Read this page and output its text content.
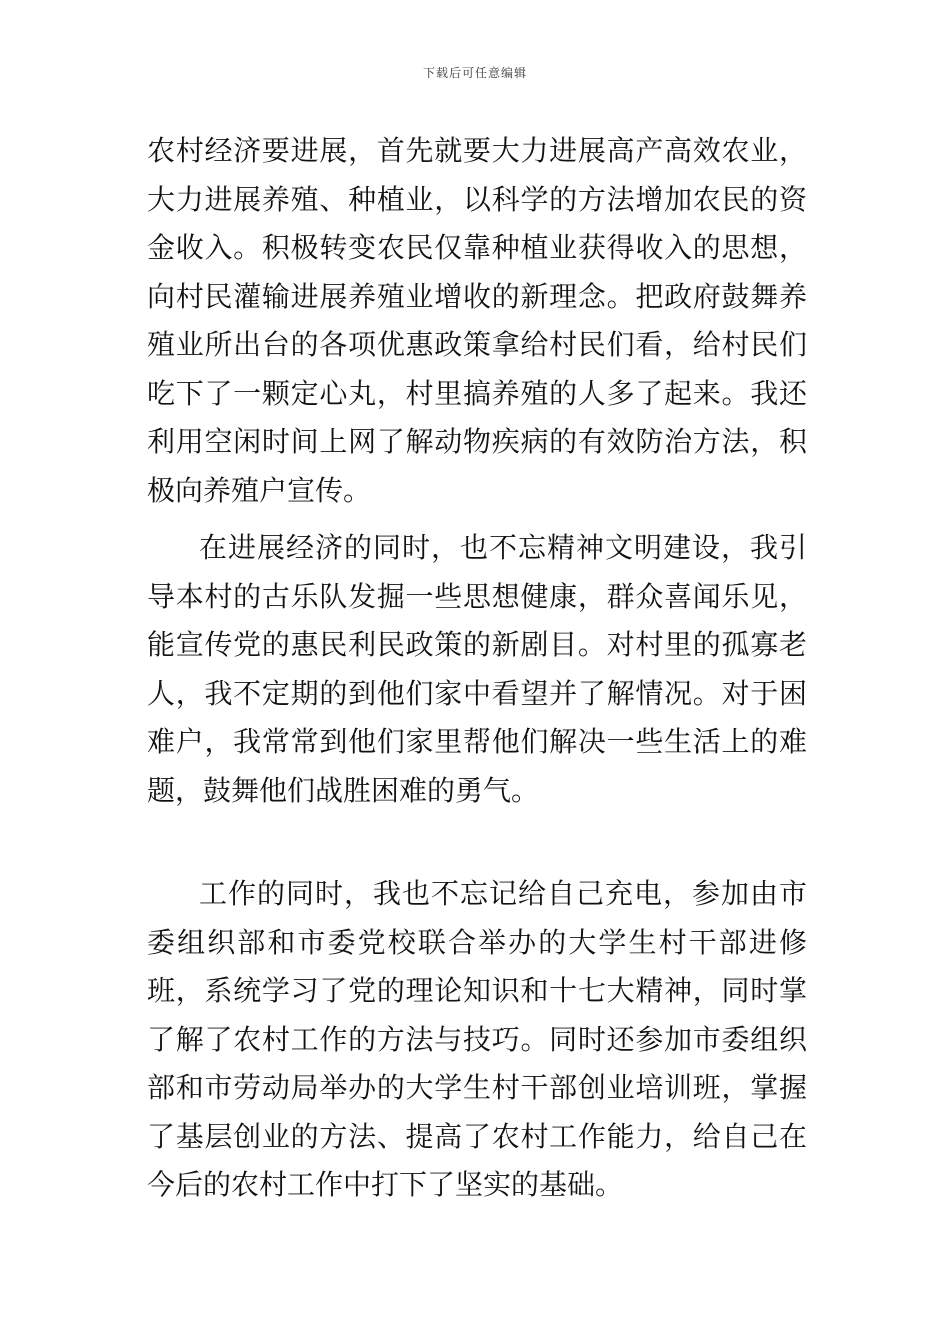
下载后可任意编辑

农村经济要进展，首先就要大力进展高产高效农业，大力进展养殖、种植业，以科学的方法增加农民的资金收入。积极转变农民仅靠种植业获得收入的思想，向村民灌输进展养殖业增收的新理念。把政府鼓舞养殖业所出台的各项优惠政策拿给村民们看，给村民们吃下了一颗定心丸，村里搞养殖的人多了起来。我还利用空闲时间上网了解动物疾病的有效防治方法，积极向养殖户宣传。

在进展经济的同时，也不忘精神文明建设，我引导本村的古乐队发掘一些思想健康，群众喜闻乐见，能宣传党的惠民利民政策的新剧目。对村里的孤寡老人，我不定期的到他们家中看望并了解情况。对于困难户，我常常到他们家里帮他们解决一些生活上的难题，鼓舞他们战胜困难的勇气。

工作的同时，我也不忘记给自己充电，参加由市委组织部和市委党校联合举办的大学生村干部进修班，系统学习了党的理论知识和十七大精神，同时掌了解了农村工作的方法与技巧。同时还参加市委组织部和市劳动局举办的大学生村干部创业培训班，掌握了基层创业的方法、提高了农村工作能力，给自己在今后的农村工作中打下了坚实的基础。
